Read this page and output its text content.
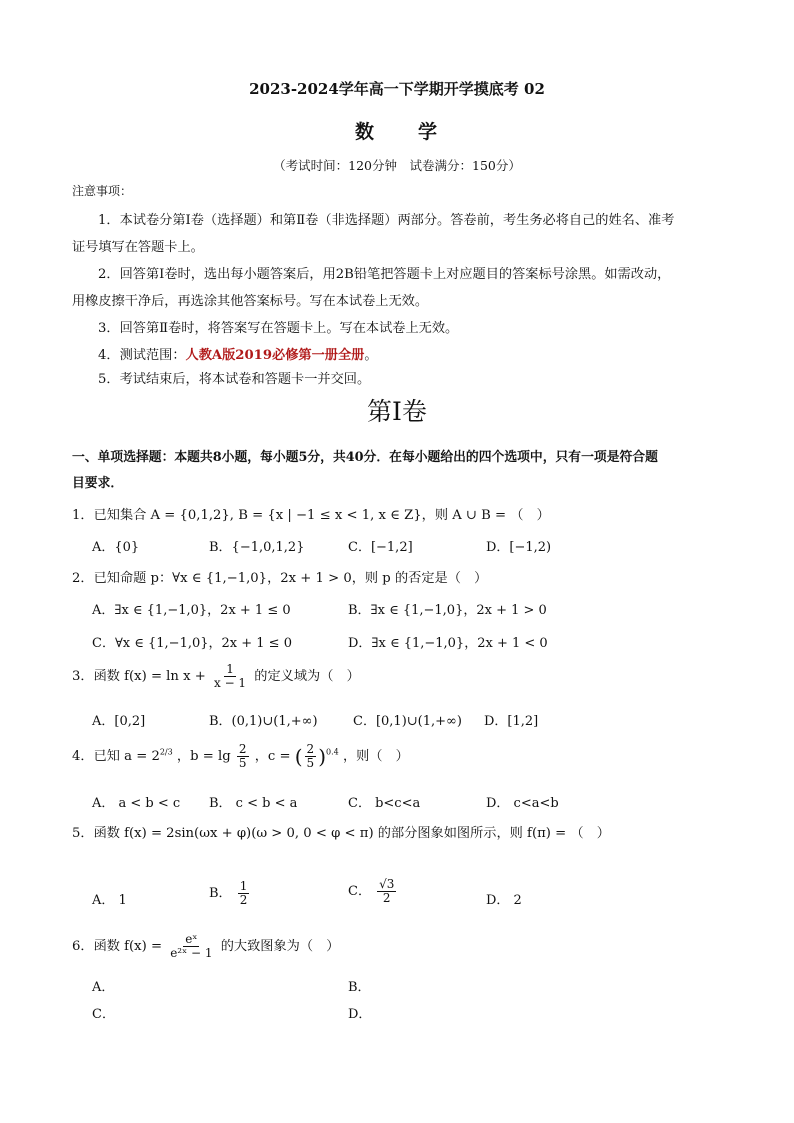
2023-2024学年高一下学期开学摸底考 02
数　　学
（考试时间：120分钟　试卷满分：150分）
注意事项：
1．本试卷分第Ⅰ卷（选择题）和第Ⅱ卷（非选择题）两部分。答卷前，考生务必将自己的姓名、准考
证号填写在答题卡上。
2．回答第Ⅰ卷时，选出每小题答案后，用2B铅笔把答题卡上对应题目的答案标号涂黑。如需改动，
用橡皮擦干净后，再选涂其他答案标号。写在本试卷上无效。
3．回答第Ⅱ卷时，将答案写在答题卡上。写在本试卷上无效。
4．测试范围：人教A版2019必修第一册全册。
5．考试结束后，将本试卷和答题卡一并交回。
第Ⅰ卷
一、单项选择题：本题共8小题，每小题5分，共40分．在每小题给出的四个选项中，只有一项是符合题
目要求．
1．已知集合 A = {0,1,2}, B = {x | −1 ≤ x < 1, x ∈ Z}，则 A ∪ B = （　）
A．{0}	B．{−1,0,1,2}	C．[−1,2]	D．[−1,2)
2．已知命题 p：∀x ∈ {1,−1,0}，2x + 1 > 0，则 p 的否定是（　）
A．∃x ∈ {1,−1,0}，2x + 1 ≤ 0	B．∃x ∈ {1,−1,0}，2x + 1 > 0
C．∀x ∈ {1,−1,0}，2x + 1 ≤ 0	D．∃x ∈ {1,−1,0}，2x + 1 < 0
3．函数 $f(x) = \ln x + \frac{1}{x - 1}$ 的定义域为（　）
A．[0,2]	B．(0,1)∪(1,+∞)	C．[0,1)∪(1,+∞) D．[1,2]
4．已知 $a = 2^{2/3}$ ，$b = \lg \frac{2}{5}$ ，c = ( $\frac{2}{5} )^{0.4}$ ，则（　）
A． a < b < c B． c < b < a	C． b<c<a	D． c<a<b
5．函数 f(x) = 2sin(ωx + φ)(ω > 0, 0 < φ < π) 的部分图象如图所示，则 f(π) = （　）
A． 1	B． $\frac{1}{2}$	C． $\frac{√3}{2}$	D． 2
6．函数 $f(x) = \frac{\text{eˣ}}{\text{e²ˣ − 1}}$ 的大致图象为（　）
A．	B．
C．	D．
